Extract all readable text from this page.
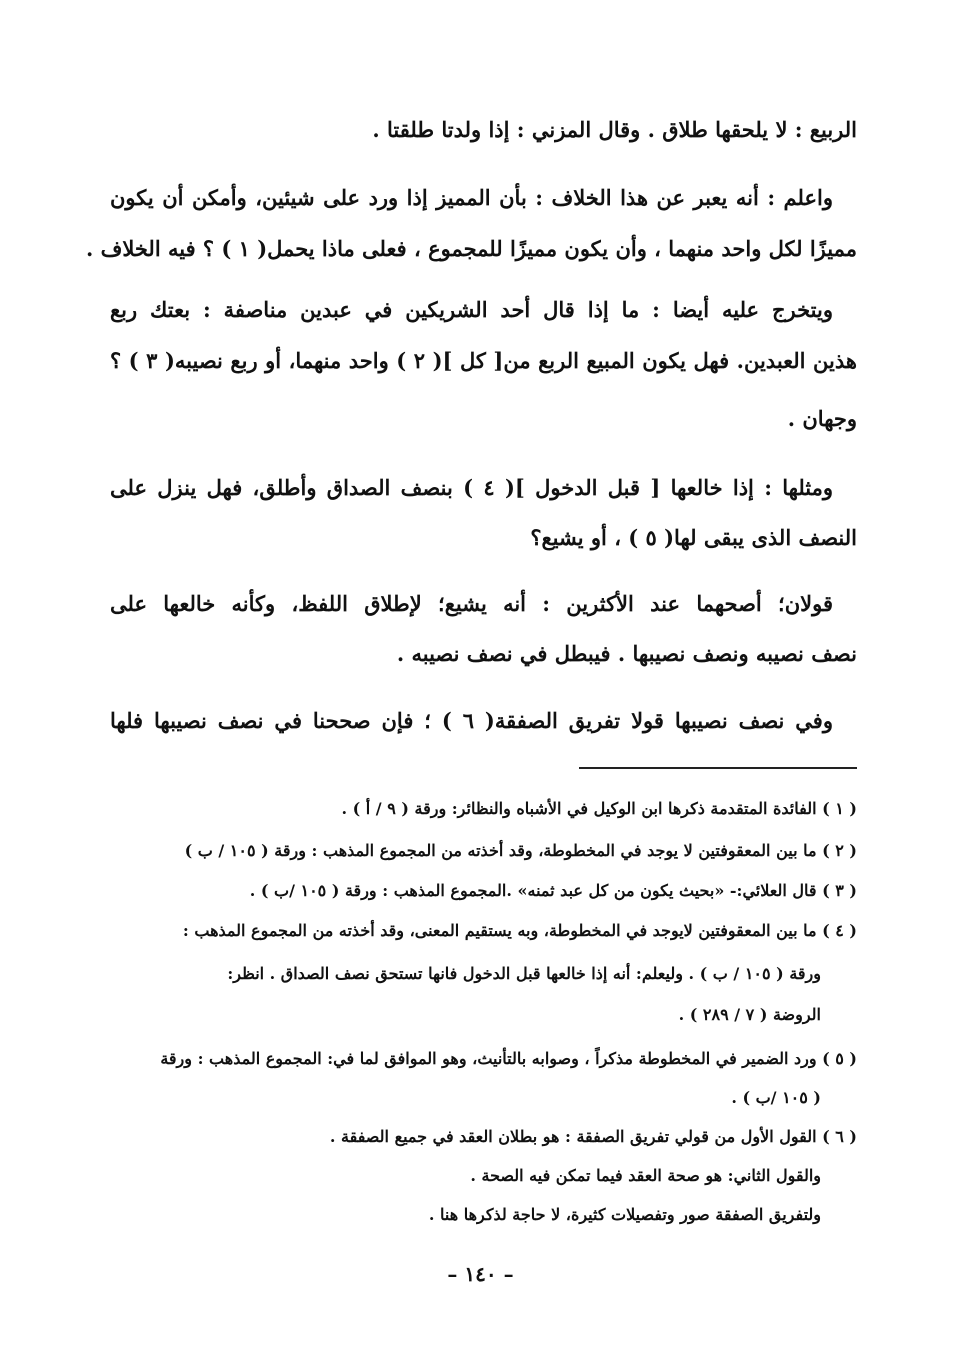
الربيع : لا يلحقها طلاق . وقال المزني : إذا ولدتا طلقتا .
واعلم : أنه يعبر عن هذا الخلاف : بأن المميز إذا ورد على شيئين، وأمكن أن يكون
مميزًا لكل واحد منهما ، وأن يكون مميزًا للمجموع ، فعلى ماذا يحمل( ١ ) ؟ فيه الخلاف .
ويتخرج عليه أيضا : ما إذا قال أحد الشريكين في عبدين مناصفة : بعتك ربع
هذين العبدين. فهل يكون المبيع الربع من[ كل ]( ٢ ) واحد منهما، أو ربع نصيبه( ٣ ) ؟
وجهان .
ومثلها : إذا خالعها [ قبل الدخول ]( ٤ ) بنصف الصداق وأطلق، فهل ينزل على
النصف الذى يبقى لها( ٥ ) ، أو يشيع؟
قولان؛ أصحهما عند الأكثرين : أنه يشيع؛ لإطلاق اللفظ، وكأنه خالعها على
نصف نصيبه ونصف نصيبها . فيبطل في نصف نصيبه .
وفي نصف نصيبها قولا تفريق الصفقة( ٦ ) ؛ فإن صححنا في نصف نصيبها فلها
( ١ ) الفائدة المتقدمة ذكرها ابن الوكيل في الأشباه والنظائر: ورقة ( ٩ / أ ) .
( ٢ ) ما بين المعقوفتين لا يوجد في المخطوطة، وقد أخذته من المجموع المذهب : ورقة ( ١٠٥ / ب )
( ٣ ) قال العلائي:- «بحيث يكون من كل عبد ثمنه» .المجموع المذهب : ورقة ( ١٠٥ /ب ) .
( ٤ ) ما بين المعقوفتين لايوجد في المخطوطة، وبه يستقيم المعنى، وقد أخذته من المجموع المذهب :
ورقة ( ١٠٥ / ب ) . وليعلم: أنه إذا خالعها قبل الدخول فانها تستحق نصف الصداق . انظر:
الروضة ( ٧ / ٢٨٩ ) .
( ٥ ) ورد الضمير في المخطوطة مذكراً ، وصوابه بالتأنيث، وهو الموافق لما في: المجموع المذهب : ورقة
( ١٠٥ /ب ) .
( ٦ ) القول الأول من قولي تفريق الصفقة : هو بطلان العقد في جميع الصفقة .
والقول الثاني: هو صحة العقد فيما تمكن فيه الصحة .
ولتفريق الصفقة صور وتفصيلات كثيرة، لا حاجة لذكرها هنا .
– ١٤٠ –
